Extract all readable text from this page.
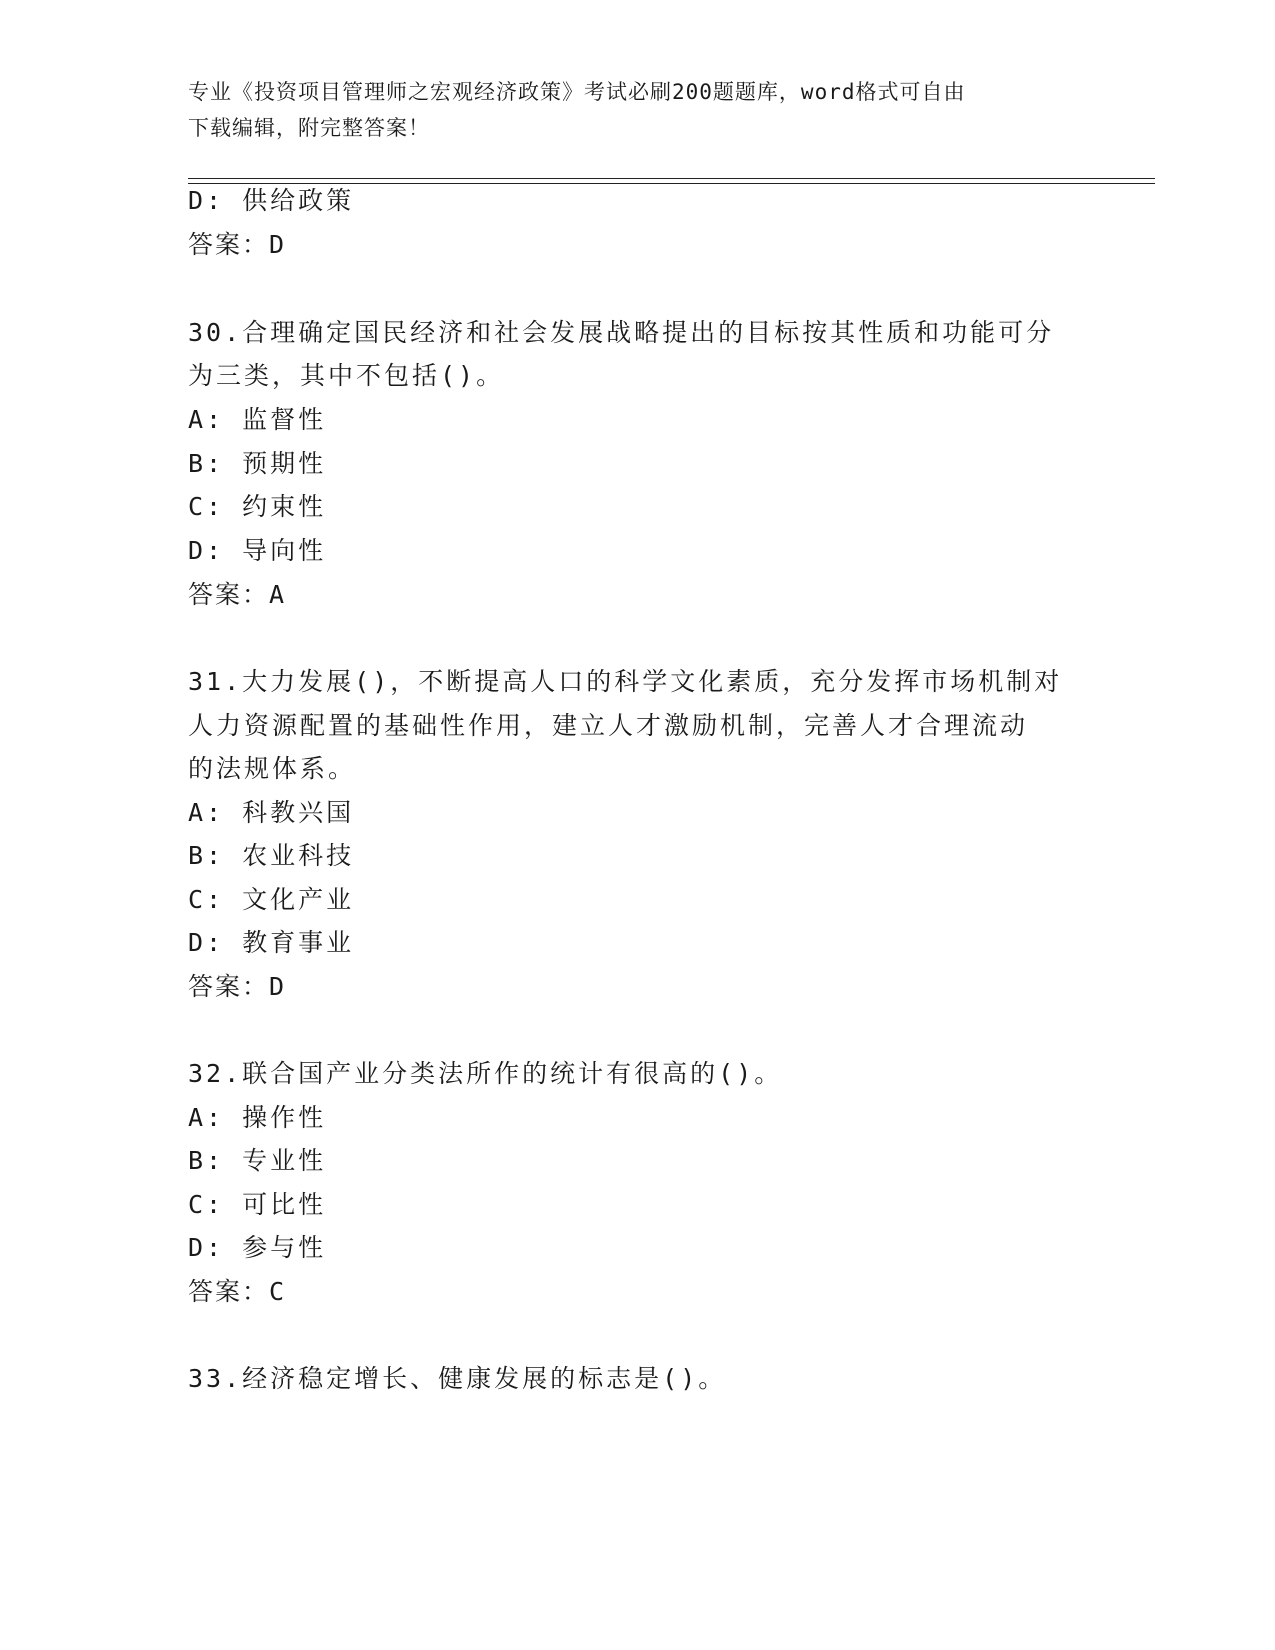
专业《投资项目管理师之宏观经济政策》考试必刷200题题库，word格式可自由
下载编辑，附完整答案！
D: 供给政策
答案：D
30.合理确定国民经济和社会发展战略提出的目标按其性质和功能可分
为三类，其中不包括()。
A: 监督性
B: 预期性
C: 约束性
D: 导向性
答案：A
31.大力发展()，不断提高人口的科学文化素质，充分发挥市场机制对
人力资源配置的基础性作用，建立人才激励机制，完善人才合理流动
的法规体系。
A: 科教兴国
B: 农业科技
C: 文化产业
D: 教育事业
答案：D
32.联合国产业分类法所作的统计有很高的()。
A: 操作性
B: 专业性
C: 可比性
D: 参与性
答案：C
33.经济稳定增长、健康发展的标志是()。
